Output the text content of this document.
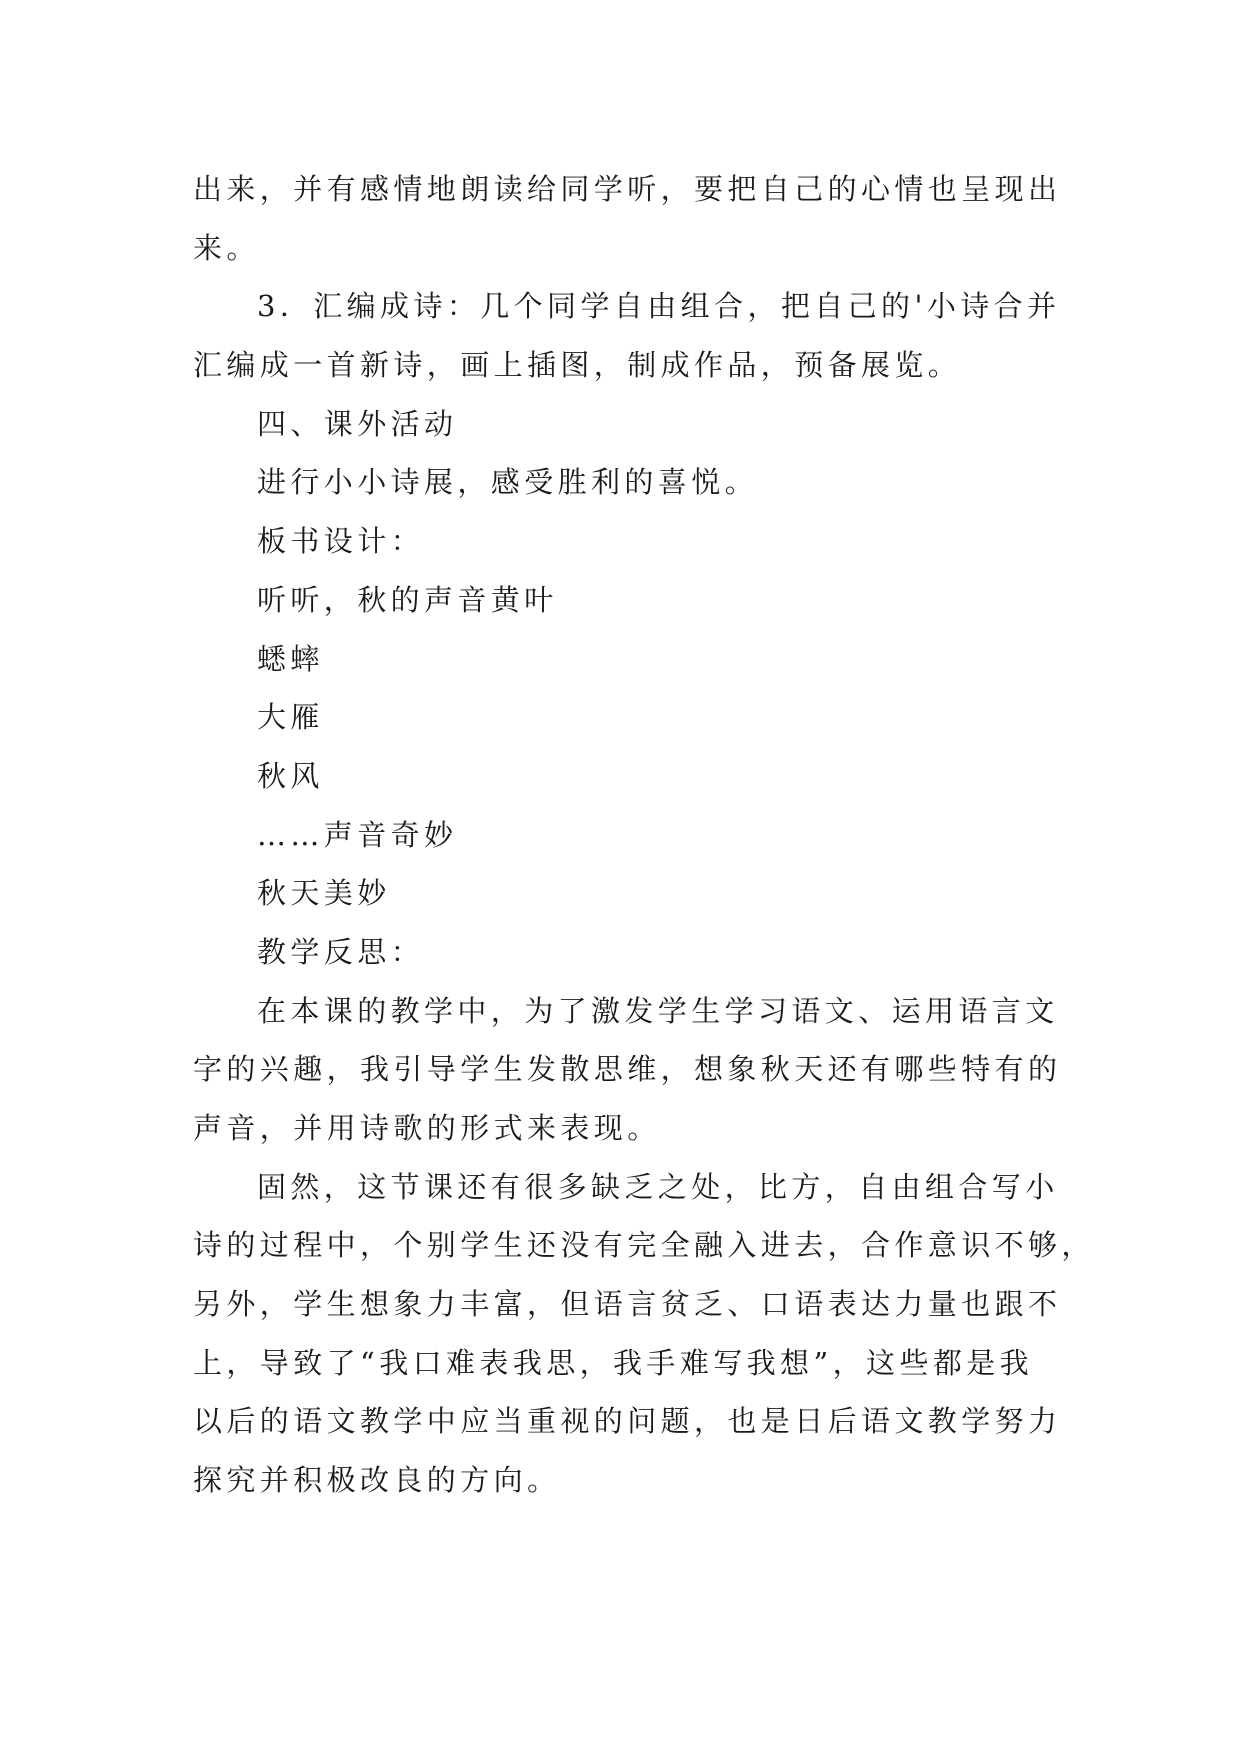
出来，并有感情地朗读给同学听，要把自己的心情也呈现出
来。
3．汇编成诗：几个同学自由组合，把自己的'小诗合并
汇编成一首新诗，画上插图，制成作品，预备展览。
四、课外活动
进行小小诗展，感受胜利的喜悦。
板书设计：
听听，秋的声音黄叶
蟋蟀
大雁
秋风
……声音奇妙
秋天美妙
教学反思：
在本课的教学中，为了激发学生学习语文、运用语言文
字的兴趣，我引导学生发散思维，想象秋天还有哪些特有的
声音，并用诗歌的形式来表现。
固然，这节课还有很多缺乏之处，比方，自由组合写小
诗的过程中，个别学生还没有完全融入进去，合作意识不够，
另外，学生想象力丰富，但语言贫乏、口语表达力量也跟不
上，导致了“我口难表我思，我手难写我想”，这些都是我
以后的语文教学中应当重视的问题，也是日后语文教学努力
探究并积极改良的方向。
